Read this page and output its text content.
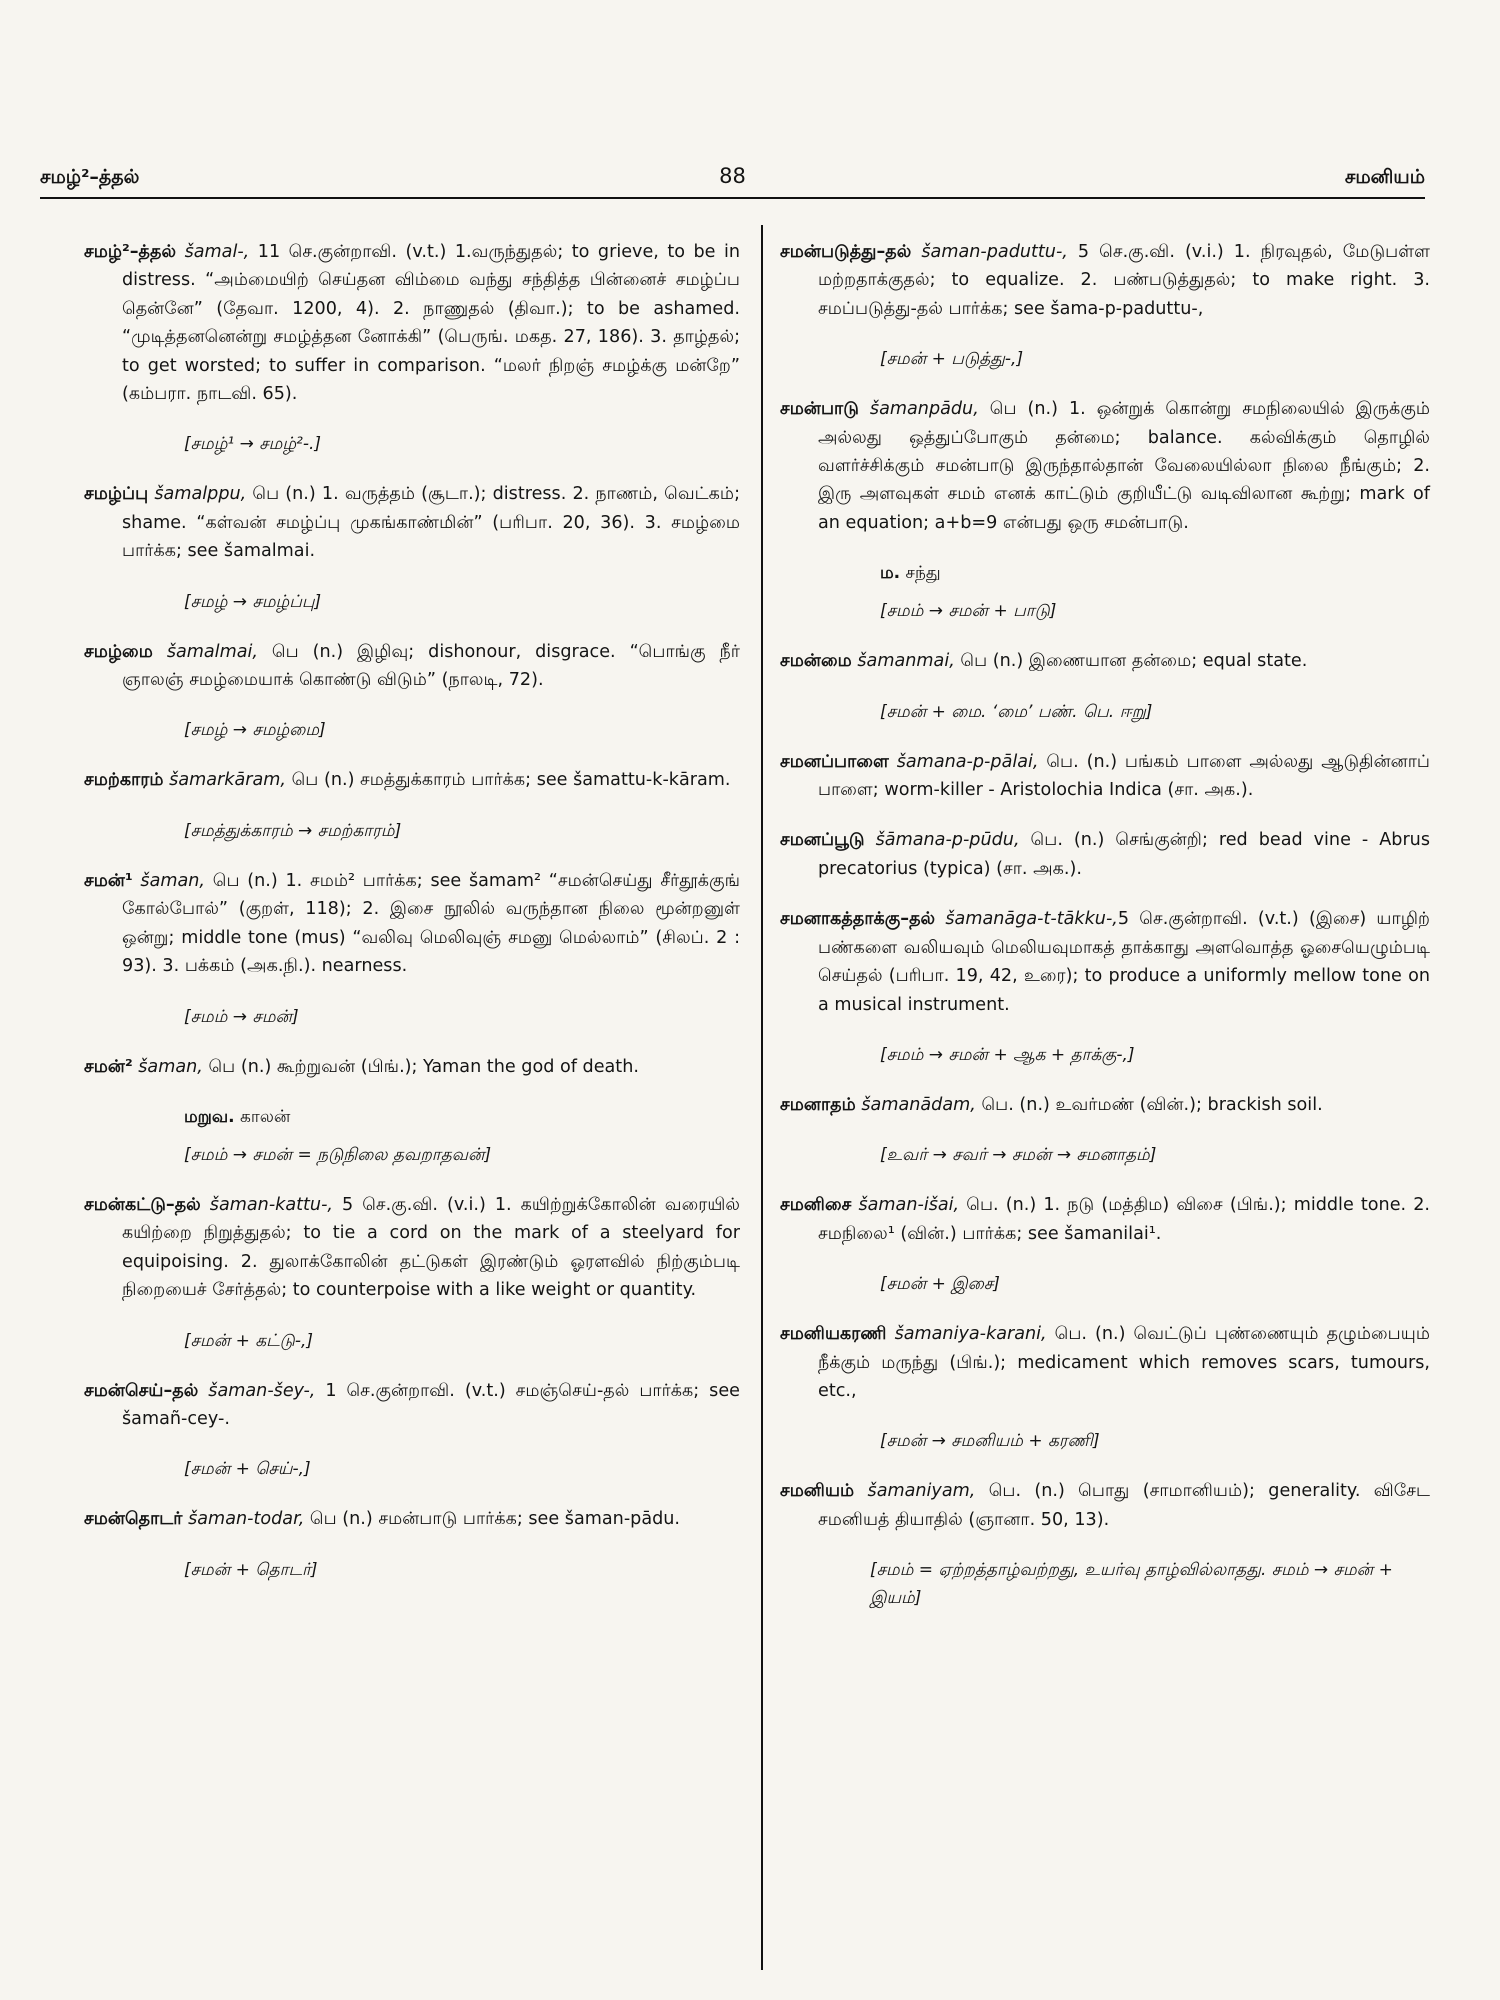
சமழ்²–த்தல்	88	சமனியம்
சமழ்²–த்தல் šamal-, 11 செ.குன்றாவி. (v.t.) 1.வருந்துதல்; to grieve, to be in distress. “அம்மையிற் செய்தன விம்மை வந்து சந்தித்த பின்னைச் சமழ்ப்ப தென்னே” (தேவா. 1200, 4). 2. நாணுதல் (திவா.); to be ashamed. “முடித்தனனென்று சமழ்த்தன னோக்கி” (பெருங். மகத. 27, 186). 3. தாழ்தல்; to get worsted; to suffer in comparison. “மலர் நிறஞ் சமழ்க்கு மன்றே” (கம்பரா. நாடவி. 65).
[சமழ்¹ → சமழ்²-.]
சமழ்ப்பு šamalppu, பெ (n.) 1. வருத்தம் (சூடா.); distress. 2. நாணம், வெட்கம்; shame. “கள்வன் சமழ்ப்பு முகங்காண்மின்” (பரிபா. 20, 36). 3. சமழ்மை பார்க்க; see šamalmai.
[சமழ் → சமழ்ப்பு]
சமழ்மை šamalmai, பெ (n.) இழிவு; dishonour, disgrace. “பொங்கு நீர் ஞாலஞ் சமழ்மையாக் கொண்டு விடும்” (நாலடி, 72).
[சமழ் → சமழ்மை]
சமற்காரம் šamarkāram, பெ (n.) சமத்துக்காரம் பார்க்க; see šamattu-k-kāram.
[சமத்துக்காரம் → சமற்காரம்]
சமன்¹ šaman, பெ (n.) 1. சமம்² பார்க்க; see šamam² “சமன்செய்து சீர்தூக்குங் கோல்போல்” (குறள், 118); 2. இசை நூலில் வருந்தான நிலை மூன்றனுள் ஒன்று; middle tone (mus) “வலிவு மெலிவுஞ் சமனு மெல்லாம்” (சிலப். 2 : 93). 3. பக்கம் (அக.நி.). nearness.
[சமம் → சமன்]
சமன்² šaman, பெ (n.) கூற்றுவன் (பிங்.); Yaman the god of death.
மறுவ. காலன்
[சமம் → சமன் = நடுநிலை தவறாதவன்]
சமன்கட்டு–தல் šaman-kattu-, 5 செ.கு.வி. (v.i.) 1. கயிற்றுக்கோலின் வரையில் கயிற்றை நிறுத்துதல்; to tie a cord on the mark of a steelyard for equipoising. 2. துலாக்கோலின் தட்டுகள் இரண்டும் ஓரளவில் நிற்கும்படி நிறையைச் சேர்த்தல்; to counterpoise with a like weight or quantity.
[சமன் + கட்டு-,]
சமன்செய்–தல் šaman-šey-, 1 செ.குன்றாவி. (v.t.) சமஞ்செய்-தல் பார்க்க; see šamañ-cey-.
[சமன் + செய்-,]
சமன்தொடர் šaman-todar, பெ (n.) சமன்பாடு பார்க்க; see šaman-pādu.
[சமன் + தொடர்]
சமன்படுத்து–தல் šaman-paduttu-, 5 செ.கு.வி. (v.i.) 1. நிரவுதல், மேடுபள்ள மற்றதாக்குதல்; to equalize. 2. பண்படுத்துதல்; to make right. 3. சமப்படுத்து-தல் பார்க்க; see šama-p-paduttu-,
[சமன் + படுத்து-,]
சமன்பாடு šamanpādu, பெ (n.) 1. ஒன்றுக் கொன்று சமநிலையில் இருக்கும் அல்லது ஒத்துப்போகும் தன்மை; balance. கல்விக்கும் தொழில் வளர்ச்சிக்கும் சமன்பாடு இருந்தால்தான் வேலையில்லா நிலை நீங்கும்; 2. இரு அளவுகள் சமம் எனக் காட்டும் குறியீட்டு வடிவிலான கூற்று; mark of an equation; a+b=9 என்பது ஒரு சமன்பாடு.
ம. சந்து
[சமம் → சமன் + பாடு]
சமன்மை šamanmai, பெ (n.) இணையான தன்மை; equal state.
[சமன் + மை. ‘மை’ பண். பெ. ஈறு]
சமனப்பாளை šamana-p-pālai, பெ. (n.) பங்கம் பாளை அல்லது ஆடுதின்னாப் பாளை; worm-killer - Aristolochia Indica (சா. அக.).
சமனப்பூடு šāmana-p-pūdu, பெ. (n.) செங்குன்றி; red bead vine - Abrus precatorius (typica) (சா. அக.).
சமனாகத்தாக்கு–தல் šamanāga-t-tākku-,5 செ.குன்றாவி. (v.t.) (இசை) யாழிற் பண்களை வலியவும் மெலியவுமாகத் தாக்காது அளவொத்த ஓசையெழும்படி செய்தல் (பரிபா. 19, 42, உரை); to produce a uniformly mellow tone on a musical instrument.
[சமம் → சமன் + ஆக + தாக்கு-,]
சமனாதம் šamanādam, பெ. (n.) உவர்மண் (வின்.); brackish soil.
[உவர் → சவர் → சமன் → சமனாதம்]
சமனிசை šaman-išai, பெ. (n.) 1. நடு (மத்திம) விசை (பிங்.); middle tone. 2. சமநிலை¹ (வின்.) பார்க்க; see šamanilai¹.
[சமன் + இசை]
சமனியகரணி šamaniya-karani, பெ. (n.) வெட்டுப் புண்ணையும் தழும்பையும் நீக்கும் மருந்து (பிங்.); medicament which removes scars, tumours, etc.,
[சமன் → சமனியம் + கரணி]
சமனியம் šamaniyam, பெ. (n.) பொது (சாமானியம்); generality. விசேட சமனியத் தியாதில் (ஞானா. 50, 13).
[சமம் = ஏற்றத்தாழ்வற்றது, உயர்வு தாழ்வில்லாதது. சமம் → சமன் + இயம்]
